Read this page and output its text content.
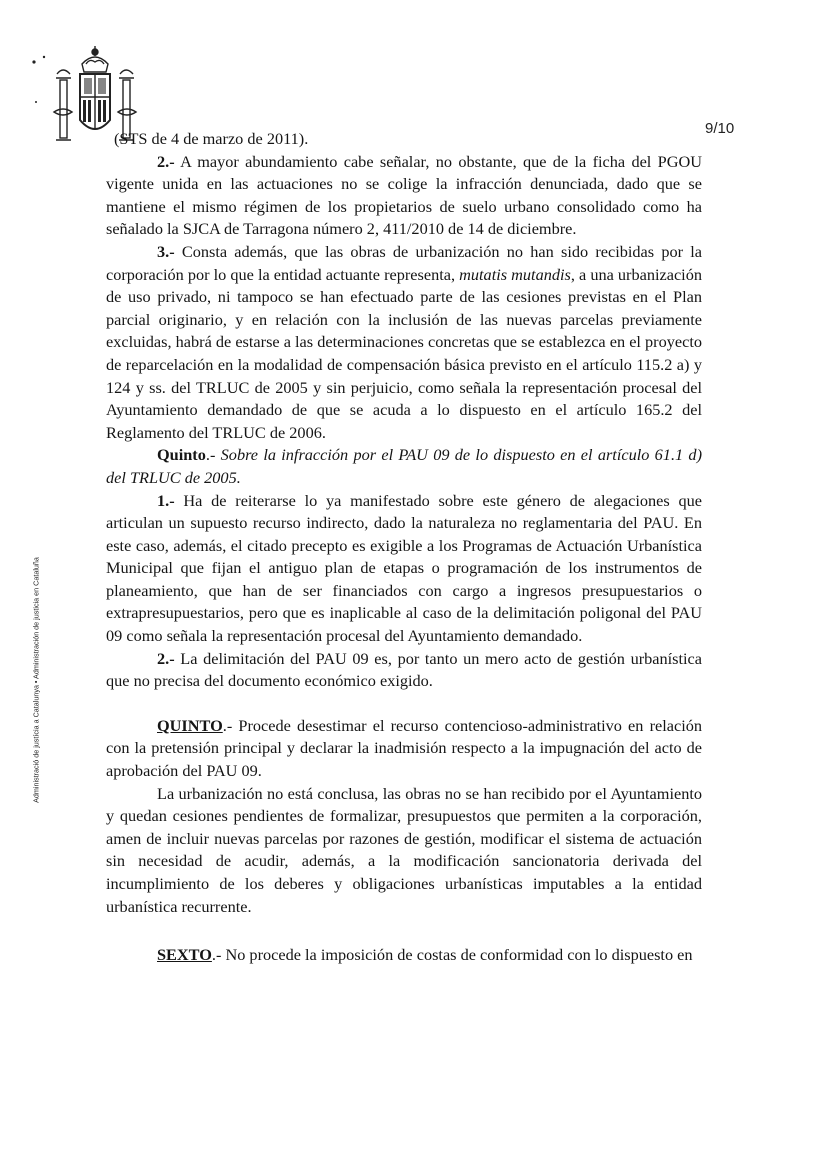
9/10
Administració de justícia a Catalunya • Administración de justicia en Cataluña

(STS de 4 de marzo de 2011).

2.- A mayor abundamiento cabe señalar, no obstante, que de la ficha del PGOU vigente unida en las actuaciones no se colige la infracción denunciada, dado que se mantiene el mismo régimen de los propietarios de suelo urbano consolidado como ha señalado la SJCA de Tarragona número 2, 411/2010 de 14 de diciembre.

3.- Consta además, que las obras de urbanización no han sido recibidas por la corporación por lo que la entidad actuante representa, mutatis mutandis, a una urbanización de uso privado, ni tampoco se han efectuado parte de las cesiones previstas en el Plan parcial originario, y en relación con la inclusión de las nuevas parcelas previamente excluidas, habrá de estarse a las determinaciones concretas que se establezca en el proyecto de reparcelación en la modalidad de compensación básica previsto en el artículo 115.2 a) y 124 y ss. del TRLUC de 2005 y sin perjuicio, como señala la representación procesal del Ayuntamiento demandado de que se acuda a lo dispuesto en el artículo 165.2 del Reglamento del TRLUC de 2006.

Quinto.- Sobre la infracción por el PAU 09 de lo dispuesto en el artículo 61.1 d) del TRLUC de 2005.

1.- Ha de reiterarse lo ya manifestado sobre este género de alegaciones que articulan un supuesto recurso indirecto, dado la naturaleza no reglamentaria del PAU. En este caso, además, el citado precepto es exigible a los Programas de Actuación Urbanística Municipal que fijan el antiguo plan de etapas o programación de los instrumentos de planeamiento, que han de ser financiados con cargo a ingresos presupuestarios o extrapresupuestarios, pero que es inaplicable al caso de la delimitación poligonal del PAU 09 como señala la representación procesal del Ayuntamiento demandado.

2.- La delimitación del PAU 09 es, por tanto un mero acto de gestión urbanística que no precisa del documento económico exigido.

QUINTO.- Procede desestimar el recurso contencioso-administrativo en relación con la pretensión principal y declarar la inadmisión respecto a la impugnación del acto de aprobación del PAU 09.

La urbanización no está conclusa, las obras no se han recibido por el Ayuntamiento y quedan cesiones pendientes de formalizar, presupuestos que permiten a la corporación, amen de incluir nuevas parcelas por razones de gestión, modificar el sistema de actuación sin necesidad de acudir, además, a la modificación sancionatoria derivada del incumplimiento de los deberes y obligaciones urbanísticas imputables a la entidad urbanística recurrente.

SEXTO.- No procede la imposición de costas de conformidad con lo dispuesto en
